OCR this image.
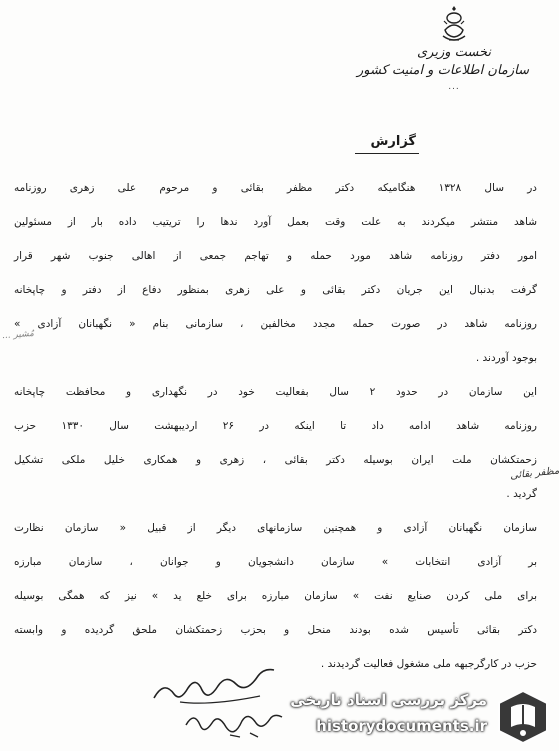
نخست وزیری
سازمان اطلاعات و امنیت کشور
...
گزارش
در سال ۱۳۲۸ هنگامیکه دکتر مظفر بقائی و مرحوم علی زهری روزنامه
شاهد منتشر میکردند به علت وقت بعمل آورد ندها را تریتیب داده بار از مسئولین
امور دفتر روزنامه شاهد مورد حمله و تهاجم جمعی از اهالی جنوب شهر قرار
گرفت بدنبال این جریان دکتر بقائی و علی زهری بمنظور دفاع از دفتر و چاپخانه
روزنامه شاهد در صورت حمله مجدد مخالفین ، سازمانی بنام « نگهبانان آزادی »
بوجود آوردند .
این سازمان در حدود ۲ سال بفعالیت خود در نگهداری و محافظت چاپخانه
روزنامه شاهد ادامه داد تا اینکه در ۲۶ اردیبهشت سال ۱۳۳۰ حزب
زحمتکشان ملت ایران بوسیله دکتر بقائی ، زهری و همکاری خلیل ملکی تشکیل
گردید .
سازمان نگهبانان آزادی و همچنین سازمانهای دیگر از قبیل « سازمان نظارت
بر آزادی انتخابات » سازمان دانشجویان و جوانان ، سازمان مبارزه
برای ملی کردن صنایع نفت » سازمان مبارزه برای خلع ید » نیز که همگی بوسیله
دکتر بقائی تأسیس شده بودند منحل و بحزب زحمتکشان ملحق گردیده و وابسته
حزب در کارگرجبهه ملی مشغول فعالیت گردیدند .
مُشیر ...
مظفر بقائی
مرکز بررسی اسناد تاریخی
historydocuments.ir
